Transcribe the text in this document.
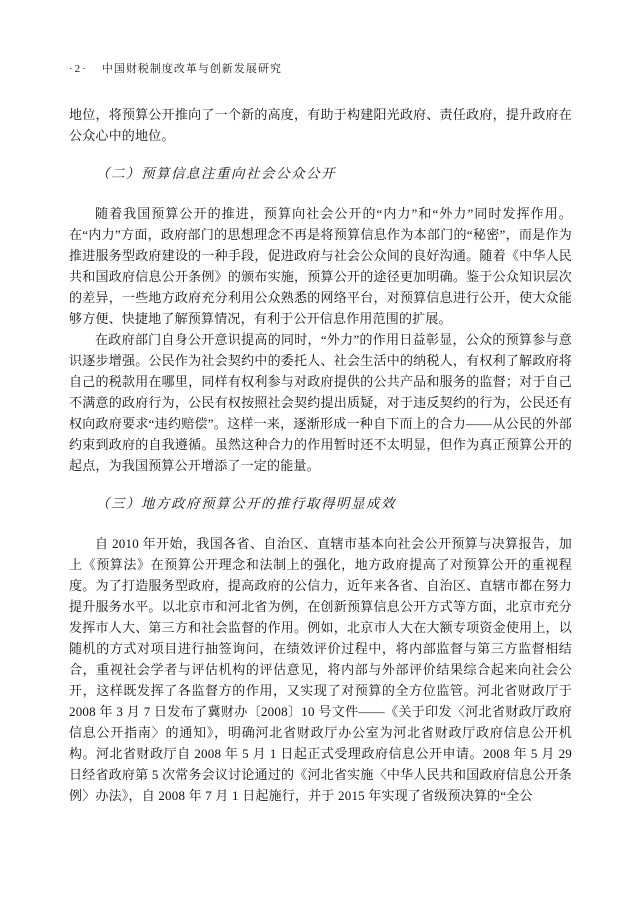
·2· 中国财税制度改革与创新发展研究

地位，将预算公开推向了一个新的高度，有助于构建阳光政府、责任政府，提升政府在公众心中的地位。

（二）预算信息注重向社会公众公开

随着我国预算公开的推进，预算向社会公开的“内力”和“外力”同时发挥作用。在“内力”方面，政府部门的思想理念不再是将预算信息作为本部门的“秘密”，而是作为推进服务型政府建设的一种手段，促进政府与社会公众间的良好沟通。随着《中华人民共和国政府信息公开条例》的颁布实施，预算公开的途径更加明确。鉴于公众知识层次的差异，一些地方政府充分利用公众熟悉的网络平台，对预算信息进行公开，使大众能够方便、快捷地了解预算情况，有利于公开信息作用范围的扩展。

在政府部门自身公开意识提高的同时，“外力”的作用日益彰显，公众的预算参与意识逐步增强。公民作为社会契约中的委托人、社会生活中的纳税人，有权利了解政府将自己的税款用在哪里，同样有权利参与对政府提供的公共产品和服务的监督；对于自己不满意的政府行为，公民有权按照社会契约提出质疑，对于违反契约的行为，公民还有权向政府要求“违约赔偿”。这样一来，逐渐形成一种自下而上的合力——从公民的外部约束到政府的自我遵循。虽然这种合力的作用暂时还不太明显，但作为真正预算公开的起点，为我国预算公开增添了一定的能量。

（三）地方政府预算公开的推行取得明显成效

自 2010 年开始，我国各省、自治区、直辖市基本向社会公开预算与决算报告，加上《预算法》在预算公开理念和法制上的强化，地方政府提高了对预算公开的重视程度。为了打造服务型政府，提高政府的公信力，近年来各省、自治区、直辖市都在努力提升服务水平。以北京市和河北省为例，在创新预算信息公开方式等方面，北京市充分发挥市人大、第三方和社会监督的作用。例如，北京市人大在大额专项资金使用上，以随机的方式对项目进行抽签询问，在绩效评价过程中，将内部监督与第三方监督相结合，重视社会学者与评估机构的评估意见，将内部与外部评价结果综合起来向社会公开，这样既发挥了各监督方的作用，又实现了对预算的全方位监管。河北省财政厅于 2008 年 3 月 7 日发布了冀财办〔2008〕10 号文件——《关于印发〈河北省财政厅政府信息公开指南〉的通知》，明确河北省财政厅办公室为河北省财政厅政府信息公开机构。河北省财政厅自 2008 年 5 月 1 日起正式受理政府信息公开申请。2008 年 5 月 29 日经省政府第 5 次常务会议讨论通过的《河北省实施〈中华人民共和国政府信息公开条例〉办法》，自 2008 年 7 月 1 日起施行，并于 2015 年实现了省级预决算的“全公
